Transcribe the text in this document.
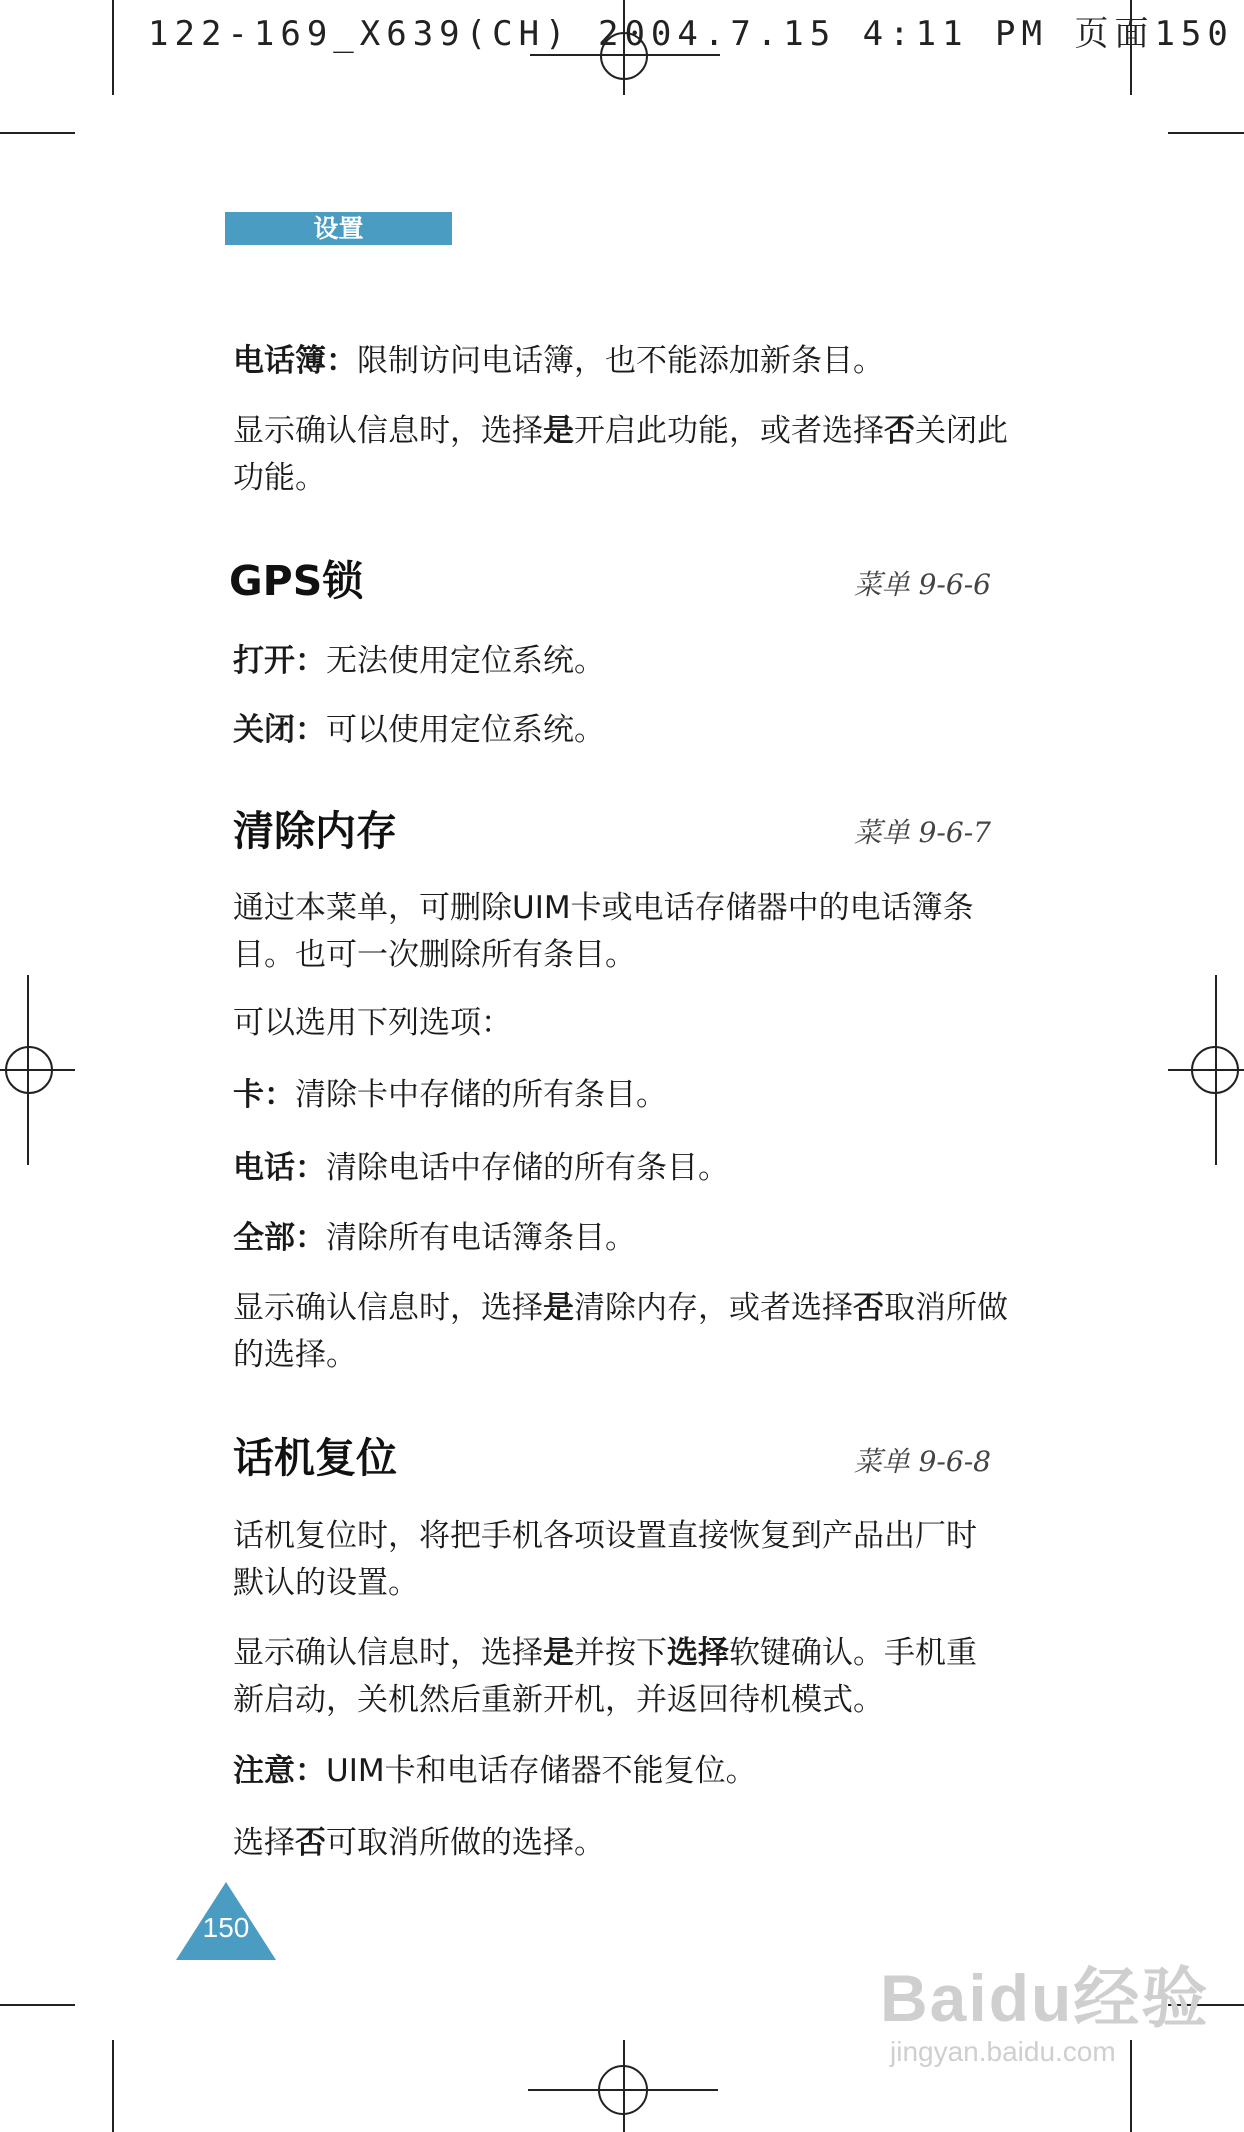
122-169_X639(CH) 2004.7.15 4:11 PM 页面150
设置
电话簿：限制访问电话簿，也不能添加新条目。
显示确认信息时，选择是开启此功能，或者选择否关闭此功能。
GPS锁	菜单 9-6-6
打开：无法使用定位系统。
关闭：可以使用定位系统。
清除内存	菜单 9-6-7
通过本菜单，可删除UIM卡或电话存储器中的电话簿条目。也可一次删除所有条目。
可以选用下列选项：
卡：清除卡中存储的所有条目。
电话：清除电话中存储的所有条目。
全部：清除所有电话簿条目。
显示确认信息时，选择是清除内存，或者选择否取消所做的选择。
话机复位	菜单 9-6-8
话机复位时，将把手机各项设置直接恢复到产品出厂时默认的设置。
显示确认信息时，选择是并按下选择软键确认。手机重新启动，关机然后重新开机，并返回待机模式。
注意：UIM卡和电话存储器不能复位。
选择否可取消所做的选择。
150
Baidu经验
jingyan.baidu.com
